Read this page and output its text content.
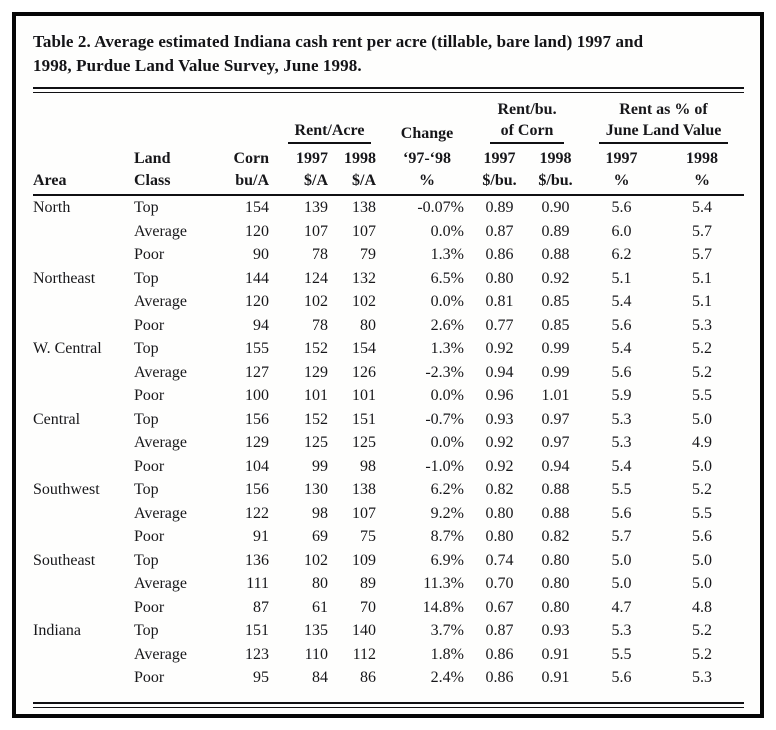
Table 2. Average estimated Indiana cash rent per acre (tillable, bare land) 1997 and
1998, Purdue Land Value Survey, June 1998.
			Rent/Acre		Change	Rent/bu.
of Corn		Rent as % of
June Land Value	
	Land	Corn	1997	1998	‘97-‘98	1997	1998	1997	1998
Area	Class	bu/A	$/A	$/A	%	$/bu.	$/bu.	%	%
North	Top	154	139	138	-0.07%	0.89	0.90	5.6	5.4
	Average	120	107	107	0.0%	0.87	0.89	6.0	5.7
	Poor	90	78	79	1.3%	0.86	0.88	6.2	5.7
Northeast	Top	144	124	132	6.5%	0.80	0.92	5.1	5.1
	Average	120	102	102	0.0%	0.81	0.85	5.4	5.1
	Poor	94	78	80	2.6%	0.77	0.85	5.6	5.3
W. Central	Top	155	152	154	1.3%	0.92	0.99	5.4	5.2
	Average	127	129	126	-2.3%	0.94	0.99	5.6	5.2
	Poor	100	101	101	0.0%	0.96	1.01	5.9	5.5
Central	Top	156	152	151	-0.7%	0.93	0.97	5.3	5.0
	Average	129	125	125	0.0%	0.92	0.97	5.3	4.9
	Poor	104	99	98	-1.0%	0.92	0.94	5.4	5.0
Southwest	Top	156	130	138	6.2%	0.82	0.88	5.5	5.2
	Average	122	98	107	9.2%	0.80	0.88	5.6	5.5
	Poor	91	69	75	8.7%	0.80	0.82	5.7	5.6
Southeast	Top	136	102	109	6.9%	0.74	0.80	5.0	5.0
	Average	111	80	89	11.3%	0.70	0.80	5.0	5.0
	Poor	87	61	70	14.8%	0.67	0.80	4.7	4.8
Indiana	Top	151	135	140	3.7%	0.87	0.93	5.3	5.2
	Average	123	110	112	1.8%	0.86	0.91	5.5	5.2
	Poor	95	84	86	2.4%	0.86	0.91	5.6	5.3
